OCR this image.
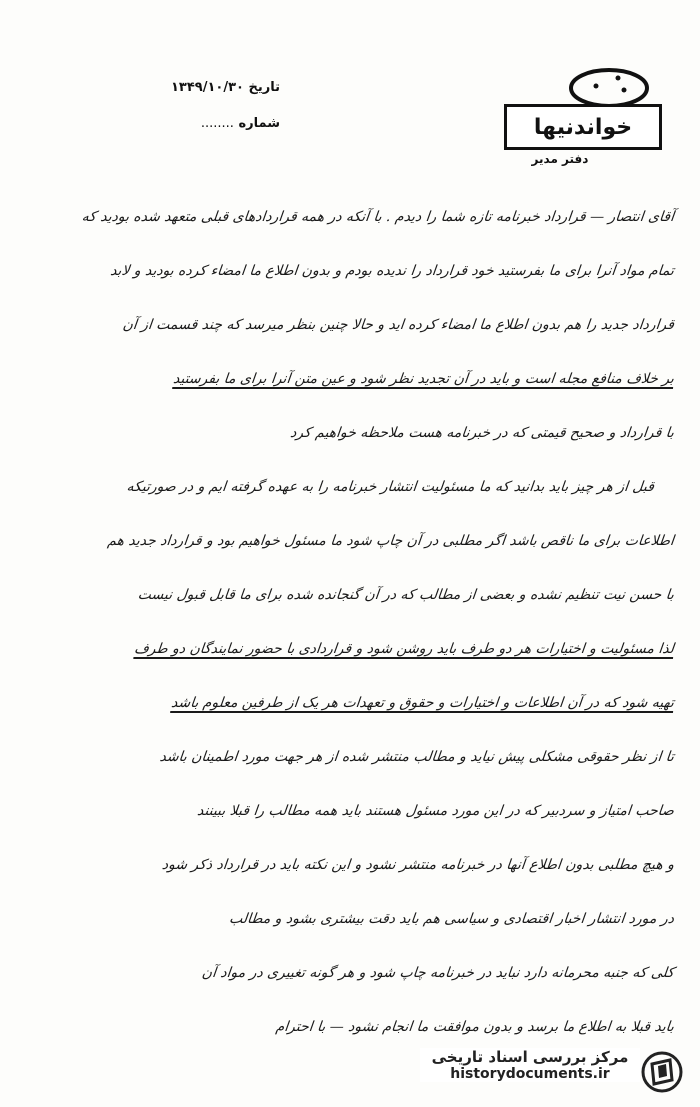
خواندنیها
دفتر مدیر
تاریخ ۱۳۴۹/۱۰/۳۰
شماره ........
آقای انتصار — قرارداد خبرنامه تازه شما را دیدم . با آنکه در همه قراردادهای قبلی متعهد شده بودید که
تمام مواد آنرا برای ما بفرستید خود قرارداد را ندیده بودم و بدون اطلاع ما امضاء کرده بودید و لابد
قرارداد جدید را هم بدون اطلاع ما امضاء کرده اید و حالا چنین بنظر میرسد که چند قسمت از آن
بر خلاف منافع مجله است و باید در آن تجدید نظر شود و عین متن آنرا برای ما بفرستید
با قرارداد و صحیح قیمتی که در خبرنامه هست ملاحظه خواهیم کرد
قبل از هر چیز باید بدانید که ما مسئولیت انتشار خبرنامه را به عهده گرفته ایم و در صورتیکه
اطلاعات برای ما ناقص باشد اگر مطلبی در آن چاپ شود ما مسئول خواهیم بود و قرارداد جدید هم
با حسن نیت تنظیم نشده و بعضی از مطالب که در آن گنجانده شده برای ما قابل قبول نیست
لذا مسئولیت و اختیارات هر دو طرف باید روشن شود و قراردادی با حضور نمایندگان دو طرف
تهیه شود که در آن اطلاعات و اختیارات و حقوق و تعهدات هر یک از طرفین معلوم باشد
تا از نظر حقوقی مشکلی پیش نیاید و مطالب منتشر شده از هر جهت مورد اطمینان باشد
صاحب امتیاز و سردبیر که در این مورد مسئول هستند باید همه مطالب را قبلا ببینند
و هیچ مطلبی بدون اطلاع آنها در خبرنامه منتشر نشود و این نکته باید در قرارداد ذکر شود
در مورد انتشار اخبار اقتصادی و سیاسی هم باید دقت بیشتری بشود و مطالب
کلی که جنبه محرمانه دارد نباید در خبرنامه چاپ شود و هر گونه تغییری در مواد آن
باید قبلا به اطلاع ما برسد و بدون موافقت ما انجام نشود — با احترام
مرکز بررسی اسناد تاریخی
historydocuments.ir
